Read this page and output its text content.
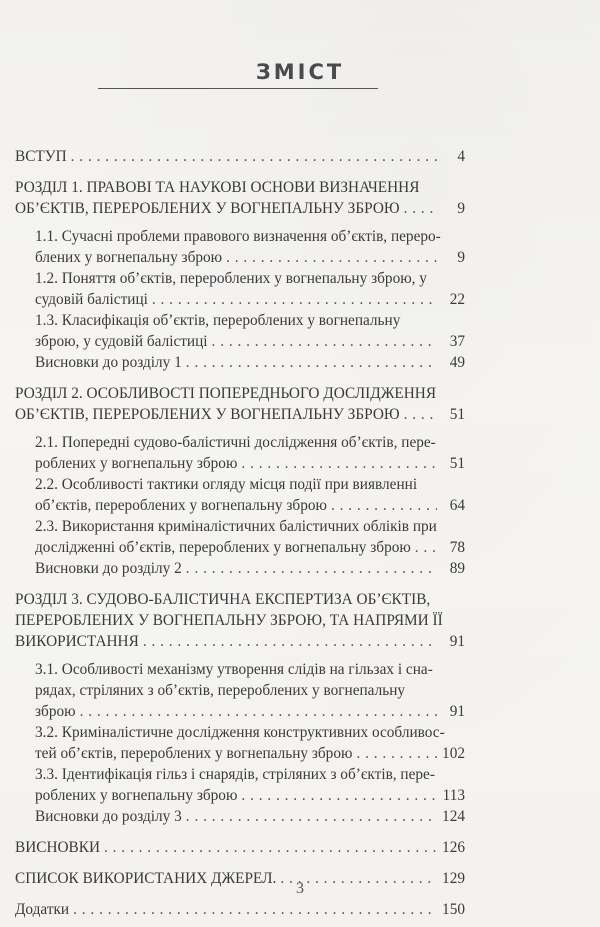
ЗМІСТ
ВСТУП . . .	4
РОЗДІЛ 1. ПРАВОВІ ТА НАУКОВІ ОСНОВИ ВИЗНАЧЕННЯ
ОБ’ЄКТІВ, ПЕРЕРОБЛЕНИХ У ВОГНЕПАЛЬНУ ЗБРОЮ . . .	9
1.1. Сучасні проблеми правового визначення об’єктів, переро-
блених у вогнепальну зброю . . .	9
1.2. Поняття об’єктів, перероблених у вогнепальну зброю, у
судовій балістиці . . .	22
1.3. Класифікація об’єктів, перероблених у вогнепальну
зброю, у судовій балістиці . . .	37
Висновки до розділу 1 . . .	49
РОЗДІЛ 2. ОСОБЛИВОСТІ ПОПЕРЕДНЬОГО ДОСЛІДЖЕННЯ
ОБ’ЄКТІВ, ПЕРЕРОБЛЕНИХ У ВОГНЕПАЛЬНУ ЗБРОЮ . . .	51
2.1. Попередні судово-балістичні дослідження об’єктів, пере-
роблених у вогнепальну зброю . . .	51
2.2. Особливості тактики огляду місця події при виявленні
об’єктів, перероблених у вогнепальну зброю . . .	64
2.3. Використання криміналістичних балістичних обліків при
дослідженні об’єктів, перероблених у вогнепальну зброю . . .	78
Висновки до розділу 2 . . .	89
РОЗДІЛ 3. СУДОВО-БАЛІСТИЧНА ЕКСПЕРТИЗА ОБ’ЄКТІВ,
ПЕРЕРОБЛЕНИХ У ВОГНЕПАЛЬНУ ЗБРОЮ, ТА НАПРЯМИ ЇЇ
ВИКОРИСТАННЯ . . .	91
3.1. Особливості механізму утворення слідів на гільзах і сна- рядах, стріляних з об’єктів, перероблених у вогнепальну
зброю . . .	91
3.2. Криміналістичне дослідження конструктивних особливос-
тей об’єктів, перероблених у вогнепальну зброю . . .	102
3.3. Ідентифікація гільз і снарядів, стріляних з об’єктів, пере-
роблених у вогнепальну зброю . . .	113
Висновки до розділу 3 . . .	124
ВИСНОВКИ . . .	126
СПИСОК ВИКОРИСТАНИХ ДЖЕРЕЛ. . . .	129
Додатки . . .	150
3
